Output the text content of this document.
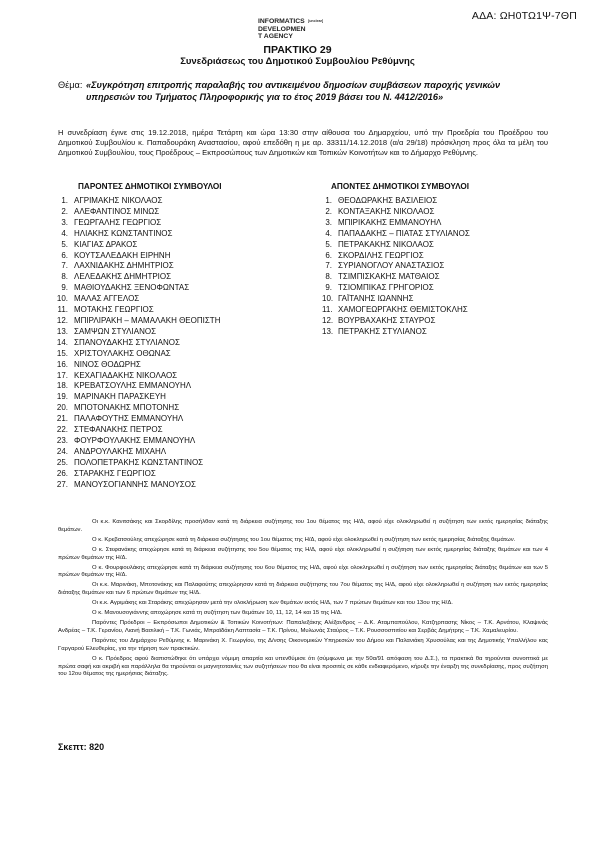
ΑΔΑ: ΩΗ0ΤΩ1Ψ-7ΘΠ
INFORMATICS
DEVELOPMEN
T AGENCY
[unclear]
ΠΡΑΚΤΙΚΟ 29
Συνεδριάσεως του Δημοτικού Συμβουλίου Ρεθύμνης
Θέμα: «Συγκρότηση επιτροπής παραλαβής του αντικειμένου δημοσίων συμβάσεων παροχής γενικών υπηρεσιών του Τμήματος Πληροφορικής για το έτος 2019 βάσει του Ν. 4412/2016»
Η συνεδρίαση έγινε στις 19.12.2018, ημέρα Τετάρτη και ώρα 13:30 στην αίθουσα του Δημαρχείου, υπό την Προεδρία του Προέδρου του Δημοτικού Συμβουλίου κ. Παπαδουράκη Αναστασίου, αφού επεδόθη η με αρ. 33311/14.12.2018 (α/α 29/18) πρόσκληση προς όλα τα μέλη του Δημοτικού Συμβουλίου, τους Προέδρους – Εκπροσώπους των Δημοτικών και Τοπικών Κοινοτήτων και το Δήμαρχο Ρεθύμνης.
ΠΑΡΟΝΤΕΣ ΔΗΜΟΤΙΚΟΙ ΣΥΜΒΟΥΛΟΙ	ΑΠΟΝΤΕΣ ΔΗΜΟΤΙΚΟΙ ΣΥΜΒΟΥΛΟΙ
1. ΑΓΡΙΜΑΚΗΣ ΝΙΚΟΛΑΟΣ
2. ΑΛΕΦΑΝΤΙΝΟΣ ΜΙΝΩΣ
3. ΓΕΩΡΓΑΛΗΣ ΓΕΩΡΓΙΟΣ
4. ΗΛΙΑΚΗΣ ΚΩΝΣΤΑΝΤΙΝΟΣ
5. ΚΙΑΓΙΑΣ ΔΡΑΚΟΣ
6. ΚΟΥΤΣΑΛΕΔΑΚΗ ΕΙΡΗΝΗ
7. ΛΑΧΝΙΔΑΚΗΣ ΔΗΜΗΤΡΙΟΣ
8. ΛΕΛΕΔΑΚΗΣ ΔΗΜΗΤΡΙΟΣ
9. ΜΑΘΙΟΥΔΑΚΗΣ ΞΕΝΟΦΩΝΤΑΣ
10. ΜΑΛΑΣ ΑΓΓΕΛΟΣ
11. ΜΟΤΑΚΗΣ ΓΕΩΡΓΙΟΣ
12. ΜΠΙΡΛΙΡΑΚΗ – ΜΑΜΑΛΑΚΗ ΘΕΟΠΙΣΤΗ
13. ΣΑΜΨΩΝ ΣΤΥΛΙΑΝΟΣ
14. ΣΠΑΝΟΥΔΑΚΗΣ ΣΤΥΛΙΑΝΟΣ
15. ΧΡΙΣΤΟΥΛΑΚΗΣ ΟΘΩΝΑΣ
16. ΝΙΝΟΣ ΘΟΔΩΡΗΣ
17. ΚΕΧΑΓΙΑΔΑΚΗΣ ΝΙΚΟΛΑΟΣ
18. ΚΡΕΒΑΤΣΟΥΛΗΣ ΕΜΜΑΝΟΥΗΛ
19. ΜΑΡΙΝΑΚΗ ΠΑΡΑΣΚΕΥΗ
20. ΜΠΟΤΟΝΑΚΗΣ ΜΠΟΤΟΝΗΣ
21. ΠΑΛΑΦΟΥΤΗΣ ΕΜΜΑΝΟΥΗΛ
22. ΣΤΕΦΑΝΑΚΗΣ ΠΕΤΡΟΣ
23. ΦΟΥΡΦΟΥΛΑΚΗΣ ΕΜΜΑΝΟΥΗΛ
24. ΑΝΔΡΟΥΛΑΚΗΣ ΜΙΧΑΗΛ
25. ΠΟΛΟΠΕΤΡΑΚΗΣ ΚΩΝΣΤΑΝΤΙΝΟΣ
26. ΣΤΑΡΑΚΗΣ ΓΕΩΡΓΙΟΣ
27. ΜΑΝΟΥΣΟΓΙΑΝΝΗΣ ΜΑΝΟΥΣΟΣ
1. ΘΕΟΔΩΡΑΚΗΣ ΒΑΣΙΛΕΙΟΣ
2. ΚΟΝΤΑΞΑΚΗΣ ΝΙΚΟΛΑΟΣ
3. ΜΠΙΡΙΚΑΚΗΣ ΕΜΜΑΝΟΥΗΛ
4. ΠΑΠΑΔΑΚΗΣ – ΠΙΑΤΑΣ ΣΤΥΛΙΑΝΟΣ
5. ΠΕΤΡΑΚΑΚΗΣ ΝΙΚΟΛΑΟΣ
6. ΣΚΟΡΔΙΛΗΣ ΓΕΩΡΓΙΟΣ
7. ΣΥΡΙΑΝΟΓΛΟΥ ΑΝΑΣΤΑΣΙΟΣ
8. ΤΣΙΜΠΙΣΚΑΚΗΣ ΜΑΤΘΑΙΟΣ
9. ΤΣΙΟΜΠΙΚΑΣ ΓΡΗΓΟΡΙΟΣ
10. ΓΑΪΤΑΝΗΣ ΙΩΑΝΝΗΣ
11. ΧΑΜΟΓΕΩΡΓΑΚΗΣ ΘΕΜΙΣΤΟΚΛΗΣ
12. ΒΟΥΡΒΑΧΑΚΗΣ ΣΤΑΥΡΟΣ
13. ΠΕΤΡΑΚΗΣ ΣΤΥΛΙΑΝΟΣ

Οι κ.κ. Κανιτσάκης και Σκορδίλης προσήλθαν κατά τη διάρκεια συζήτησης του 1ου θέματος της Η/Δ, αφού είχε ολοκληρωθεί η συζήτηση των εκτός ημερησίας διάταξης θεμάτων.

Ο κ. Κρεβατσούλης απεχώρησε κατά τη διάρκεια συζήτησης του 1ου θέματος της Η/Δ, αφού είχε ολοκληρωθεί η συζήτηση των εκτός ημερησίας διάταξης θεμάτων.

Ο κ. Στεφανάκης απεχώρησε κατά τη διάρκεια συζήτησης του 5ου θέματος της Η/Δ, αφού είχε ολοκληρωθεί η συζήτηση των εκτός ημερησίας διάταξης θεμάτων και των 4 πρώτων θεμάτων της Η/Δ.

Ο κ. Φουρφουλάκης απεχώρησε κατά τη διάρκεια συζήτησης του 6ου θέματος της Η/Δ, αφού είχε ολοκληρωθεί η συζήτηση των εκτός ημερησίας διάταξης θεμάτων και των 5 πρώτων θεμάτων της Η/Δ.

Οι κ.κ. Μαρινάκη, Μποτονάκης και Παλαφούτης απεχώρησαν κατά τη διάρκεια συζήτησης του 7ου θέματος της Η/Δ, αφού είχε ολοκληρωθεί η συζήτηση των εκτός ημερησίας διάταξης θεμάτων και των 6 πρώτων θεμάτων της Η/Δ.

Οι κ.κ. Αγριμάκης και Σταράκης απεχώρησαν μετά την ολοκλήρωση των θεμάτων εκτός Η/Δ, των 7 πρώτων θεμάτων και του 13ου της Η/Δ.

Ο κ. Μανουσογιάννης αποχώρησε κατά τη συζήτηση των θεμάτων 10, 11, 12, 14 και 15 της Η/Δ.

Παρόντες Πρόεδροι – Εκπρόσωποι Δημοτικών & Τοπικών Κοινοτήτων: Παπαλεξάκης Αλέξανδρος – Δ.Κ. Αταμπαπούλου, Κατζηρπασης Νίκος – Τ.Κ. Αρνάτου, Κλαψινάς Ανδρέας – Τ.Κ. Γερανίου, Λιανή Βασιλική – Τ.Κ. Γωνιάς, Μπραϊδάκη Λαπτασία – Τ.Κ. Πρίνου, Μυλωνάς Σταύρος – Τ.Κ. Ρουσσοσπιτίου και Σερβάς Δημήτρης – Τ.Κ. Χαμαλευρίου.

Παρόντες του Δημάρχου Ρεθύμνης κ. Μαρινάκη Χ. Γεωργίου, της Δ/νσης Οικονομικών Υπηρεσιών του Δήμου και Παλανιάκη Χρυσούλας και της Δημοτικής Υπαλλήλου κας Γαργαρού Ελευθερίας, για την τήρηση των πρακτικών.

Ο κ. Πρόεδρος αφού διαπιστώθηκε ότι υπάρχει νόμιμη απαρτία και υπενθύμισε ότι (σύμφωνα με την 50α/91 απόφαση του Δ.Σ.), τα πρακτικά θα τηρούνται συνοπτικά με πρώτα σαφή και ακριβή και παράλληλα θα τηρούνται οι μαγνητοταινίες των συζητήσεων που θα είναι προσιτές σε κάθε ενδιαφερόμενο, κήρυξε την έναρξη της συνεδρίασης, προς συζήτηση του 12ου θέματος της ημερήσιας διάταξης.

Σκεπτ: 820
